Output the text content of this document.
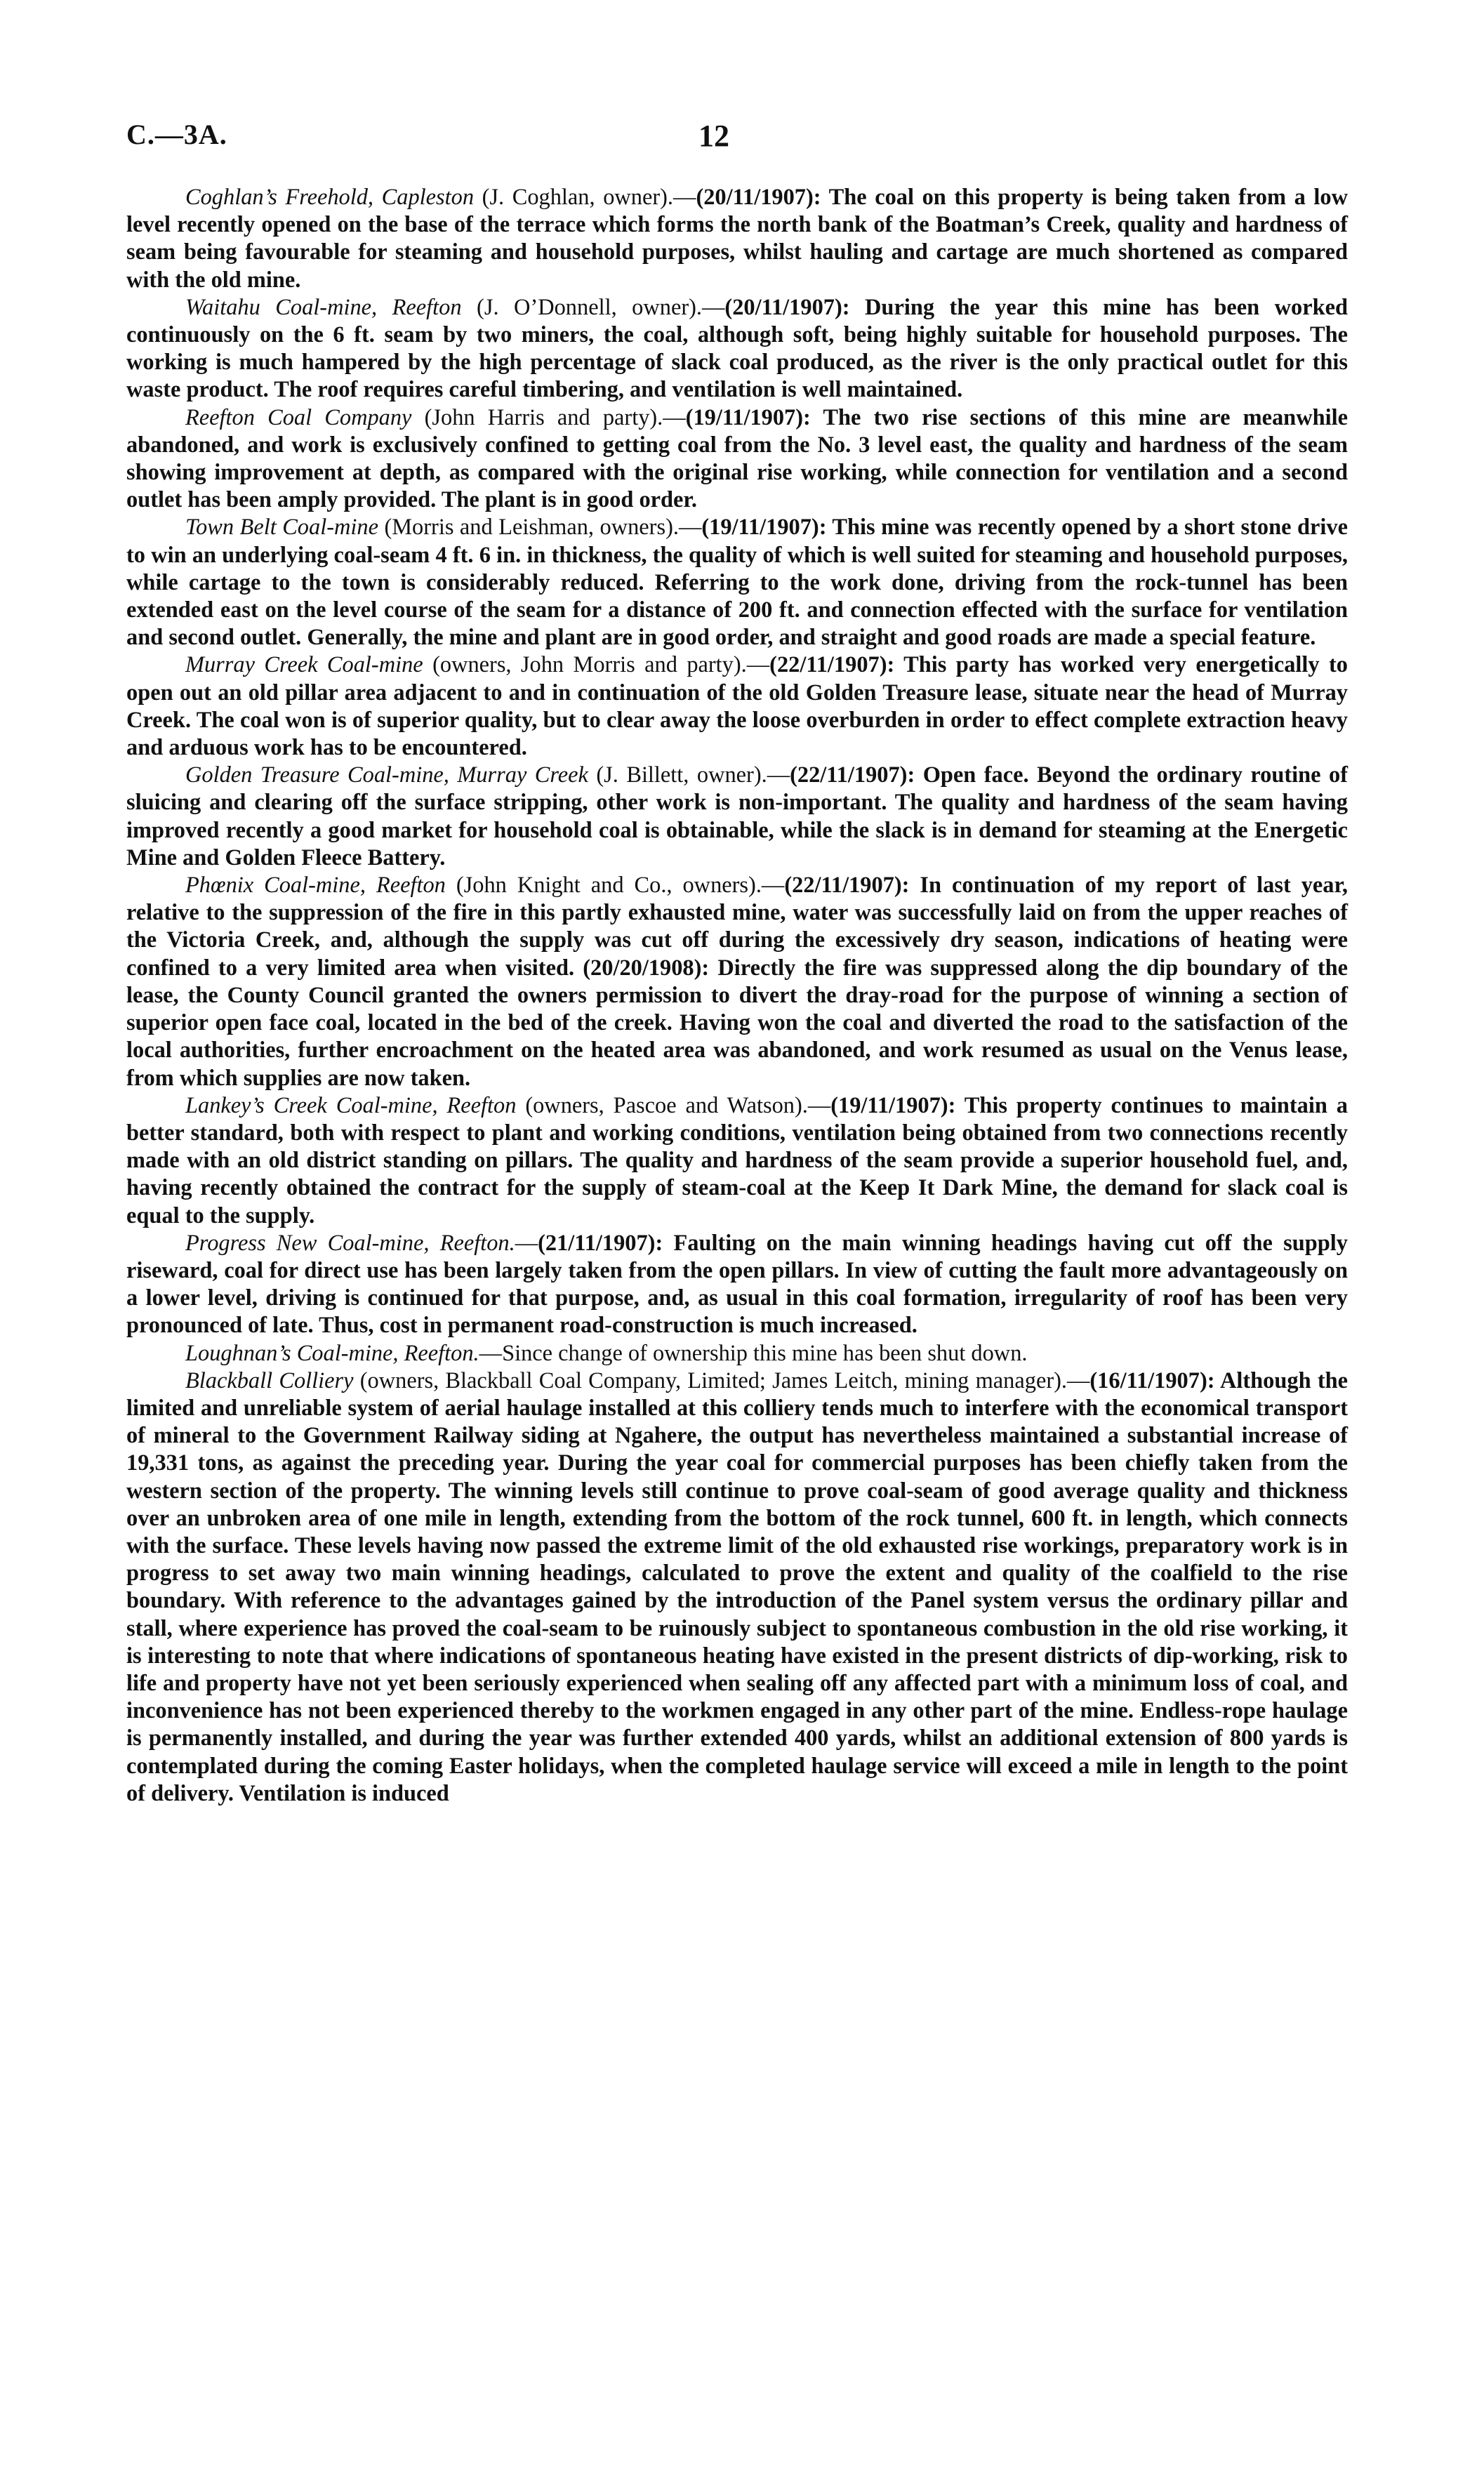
C.—3A.	12

Coghlan’s Freehold, Capleston (J. Coghlan, owner).—(20/11/1907): The coal on this property is being taken from a low level recently opened on the base of the terrace which forms the north bank of the Boatman’s Creek, quality and hardness of seam being favourable for steaming and household purposes, whilst hauling and cartage are much shortened as compared with the old mine.

Waitahu Coal-mine, Reefton (J. O’Donnell, owner).—(20/11/1907): During the year this mine has been worked continuously on the 6 ft. seam by two miners, the coal, although soft, being highly suitable for household purposes. The working is much hampered by the high percentage of slack coal produced, as the river is the only practical outlet for this waste product. The roof requires careful timbering, and ventilation is well maintained.

Reefton Coal Company (John Harris and party).—(19/11/1907): The two rise sections of this mine are meanwhile abandoned, and work is exclusively confined to getting coal from the No. 3 level east, the quality and hardness of the seam showing improvement at depth, as compared with the original rise working, while connection for ventilation and a second outlet has been amply provided. The plant is in good order.

Town Belt Coal-mine (Morris and Leishman, owners).—(19/11/1907): This mine was recently opened by a short stone drive to win an underlying coal-seam 4 ft. 6 in. in thickness, the quality of which is well suited for steaming and household purposes, while cartage to the town is considerably reduced. Referring to the work done, driving from the rock-tunnel has been extended east on the level course of the seam for a distance of 200 ft. and connection effected with the surface for ventilation and second outlet. Generally, the mine and plant are in good order, and straight and good roads are made a special feature.

Murray Creek Coal-mine (owners, John Morris and party).—(22/11/1907): This party has worked very energetically to open out an old pillar area adjacent to and in continuation of the old Golden Treasure lease, situate near the head of Murray Creek. The coal won is of superior quality, but to clear away the loose overburden in order to effect complete extraction heavy and arduous work has to be encountered.

Golden Treasure Coal-mine, Murray Creek (J. Billett, owner).—(22/11/1907): Open face. Beyond the ordinary routine of sluicing and clearing off the surface stripping, other work is non-important. The quality and hardness of the seam having improved recently a good market for household coal is obtainable, while the slack is in demand for steaming at the Energetic Mine and Golden Fleece Battery.

Phœnix Coal-mine, Reefton (John Knight and Co., owners).—(22/11/1907): In continuation of my report of last year, relative to the suppression of the fire in this partly exhausted mine, water was successfully laid on from the upper reaches of the Victoria Creek, and, although the supply was cut off during the excessively dry season, indications of heating were confined to a very limited area when visited. (20/20/1908): Directly the fire was suppressed along the dip boundary of the lease, the County Council granted the owners permission to divert the dray-road for the purpose of winning a section of superior open face coal, located in the bed of the creek. Having won the coal and diverted the road to the satisfaction of the local authorities, further encroachment on the heated area was abandoned, and work resumed as usual on the Venus lease, from which supplies are now taken.

Lankey’s Creek Coal-mine, Reefton (owners, Pascoe and Watson).—(19/11/1907): This property continues to maintain a better standard, both with respect to plant and working conditions, ventilation being obtained from two connections recently made with an old district standing on pillars. The quality and hardness of the seam provide a superior household fuel, and, having recently obtained the contract for the supply of steam-coal at the Keep It Dark Mine, the demand for slack coal is equal to the supply.

Progress New Coal-mine, Reefton.—(21/11/1907): Faulting on the main winning headings having cut off the supply riseward, coal for direct use has been largely taken from the open pillars. In view of cutting the fault more advantageously on a lower level, driving is continued for that purpose, and, as usual in this coal formation, irregularity of roof has been very pronounced of late. Thus, cost in permanent road-construction is much increased.

Loughnan’s Coal-mine, Reefton.—Since change of ownership this mine has been shut down.

Blackball Colliery (owners, Blackball Coal Company, Limited; James Leitch, mining manager).—(16/11/1907): Although the limited and unreliable system of aerial haulage installed at this colliery tends much to interfere with the economical transport of mineral to the Government Railway siding at Ngahere, the output has nevertheless maintained a substantial increase of 19,331 tons, as against the preceding year. During the year coal for commercial purposes has been chiefly taken from the western section of the property. The winning levels still continue to prove coal-seam of good average quality and thickness over an unbroken area of one mile in length, extending from the bottom of the rock tunnel, 600 ft. in length, which connects with the surface. These levels having now passed the extreme limit of the old exhausted rise workings, preparatory work is in progress to set away two main winning headings, calculated to prove the extent and quality of the coalfield to the rise boundary. With reference to the advantages gained by the introduction of the Panel system versus the ordinary pillar and stall, where experience has proved the coal-seam to be ruinously subject to spontaneous combustion in the old rise working, it is interesting to note that where indications of spontaneous heating have existed in the present districts of dip-working, risk to life and property have not yet been seriously experienced when sealing off any affected part with a minimum loss of coal, and inconvenience has not been experienced thereby to the workmen engaged in any other part of the mine. Endless-rope haulage is permanently installed, and during the year was further extended 400 yards, whilst an additional extension of 800 yards is contemplated during the coming Easter holidays, when the completed haulage service will exceed a mile in length to the point of delivery. Ventilation is induced
